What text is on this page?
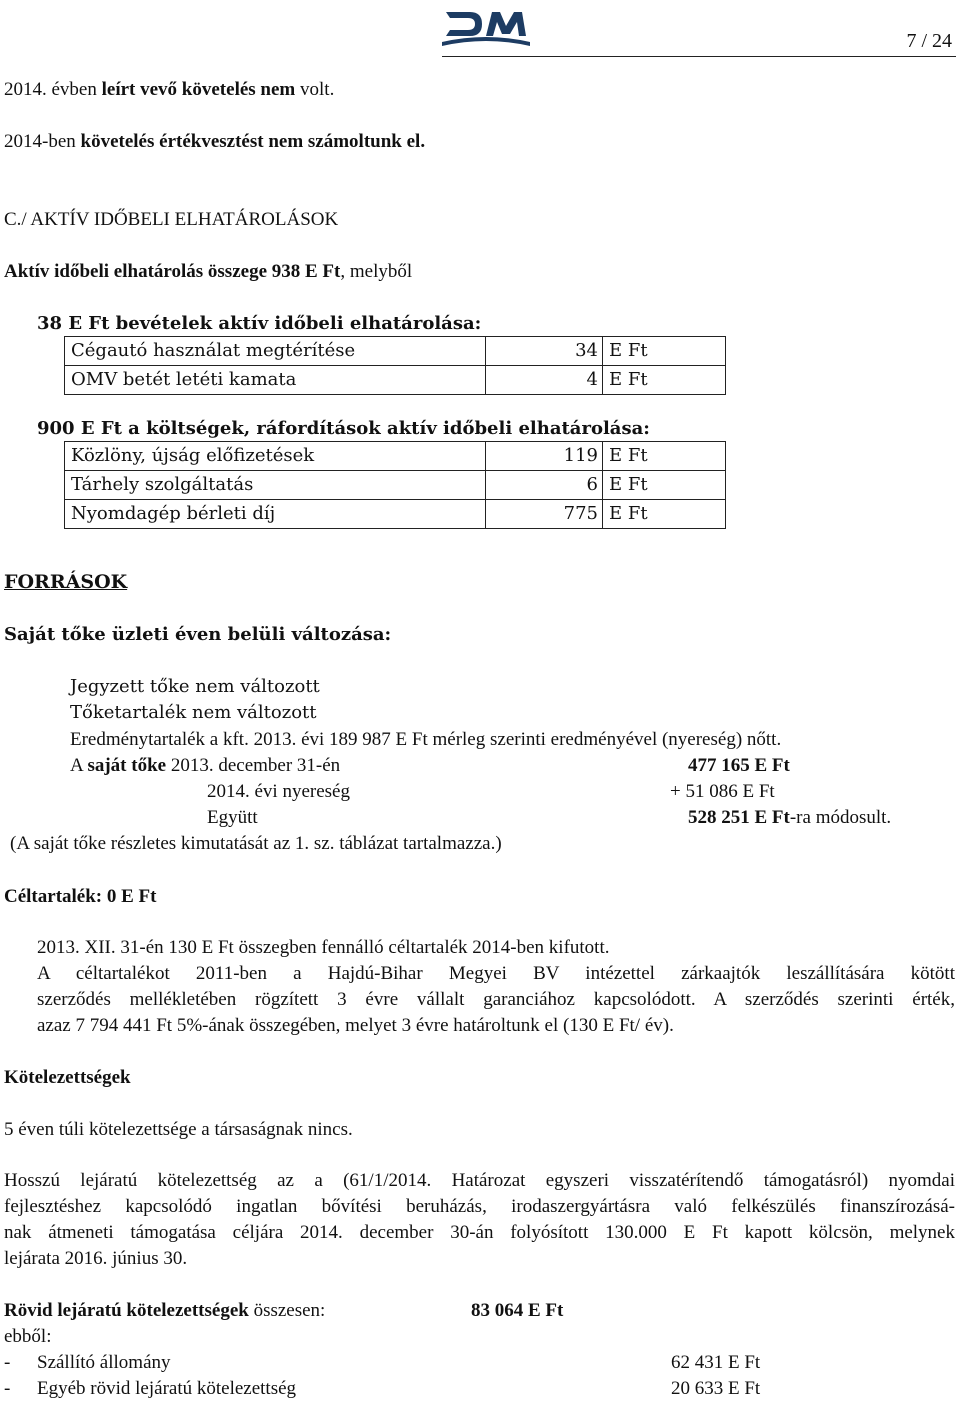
7 / 24
2014. évben leírt vevő követelés nem volt.
2014-ben követelés értékvesztést nem számoltunk el.
C./ AKTÍV IDŐBELI ELHATÁROLÁSOK
Aktív időbeli elhatárolás összege 938 E Ft, melyből
38 E Ft bevételek aktív időbeli elhatárolása:
Cégautó használat megtérítése	34	E Ft
OMV betét letéti kamata	4	E Ft
900 E Ft a költségek, ráfordítások aktív időbeli elhatárolása:
Közlöny, újság előfizetések	119	E Ft
Tárhely szolgáltatás	6	E Ft
Nyomdagép bérleti díj	775	E Ft
FORRÁSOK
Saját tőke üzleti éven belüli változása:
Jegyzett tőke nem változott
Tőketartalék nem változott
Eredménytartalék a kft. 2013. évi 189 987 E Ft mérleg szerinti eredményével (nyereség) nőtt.
A saját tőke 2013. december 31-én	477 165 E Ft
2014. évi nyereség	+ 51 086 E Ft
Együtt	528 251 E Ft-ra módosult.
(A saját tőke részletes kimutatását az 1. sz. táblázat tartalmazza.)
Céltartalék: 0 E Ft
2013. XII. 31-én 130 E Ft összegben fennálló céltartalék 2014-ben kifutott.
A céltartalékot 2011-ben a Hajdú-Bihar Megyei BV intézettel zárkaajtók leszállítására kötött
szerződés mellékletében rögzített 3 évre vállalt garanciához kapcsolódott. A szerződés szerinti érték,
azaz 7 794 441 Ft 5%-ának összegében, melyet 3 évre határoltunk el (130 E Ft/ év).
Kötelezettségek
5 éven túli kötelezettsége a társaságnak nincs.
Hosszú lejáratú kötelezettség az a (61/1/2014. Határozat egyszeri visszatérítendő támogatásról) nyomdai
fejlesztéshez kapcsolódó ingatlan bővítési beruházás, irodaszergyártásra való felkészülés finanszírozásá-
nak átmeneti támogatása céljára 2014. december 30-án folyósított 130.000 E Ft kapott kölcsön, melynek
lejárata 2016. június 30.
Rövid lejáratú kötelezettségek összesen:	83 064 E Ft
ebből:
- Szállító állomány	62 431 E Ft
- Egyéb rövid lejáratú kötelezettség	20 633 E Ft
